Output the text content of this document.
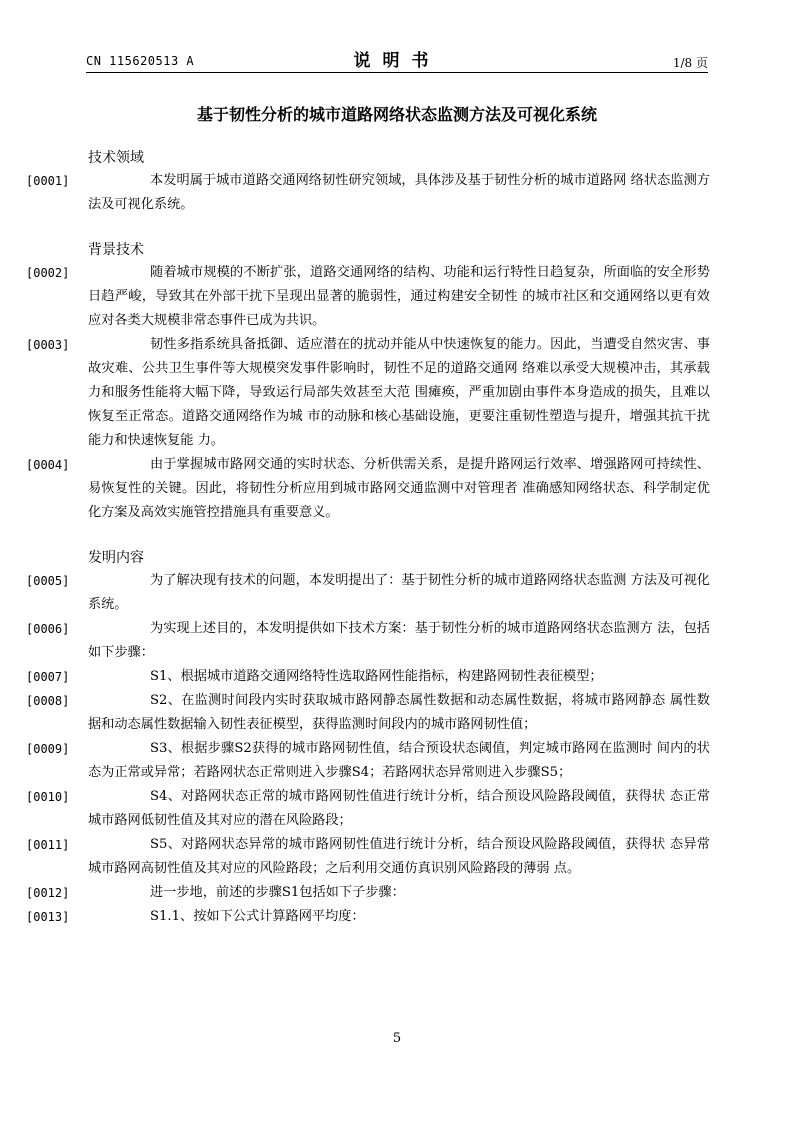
CN 115620513 A	说明书	1/8 页
基于韧性分析的城市道路网络状态监测方法及可视化系统
技术领域
[0001]	本发明属于城市道路交通网络韧性研究领域，具体涉及基于韧性分析的城市道路网 络状态监测方法及可视化系统。
背景技术
[0002]	随着城市规模的不断扩张，道路交通网络的结构、功能和运行特性日趋复杂，所面临的安全形势日趋严峻，导致其在外部干扰下呈现出显著的脆弱性，通过构建安全韧性 的城市社区和交通网络以更有效应对各类大规模非常态事件已成为共识。
[0003]	韧性多指系统具备抵御、适应潜在的扰动并能从中快速恢复的能力。因此，当遭受自然灾害、事故灾难、公共卫生事件等大规模突发事件影响时，韧性不足的道路交通网 络难以承受大规模冲击，其承载力和服务性能将大幅下降，导致运行局部失效甚至大范 围瘫痪，严重加剧由事件本身造成的损失，且难以恢复至正常态。道路交通网络作为城 市的动脉和核心基础设施，更要注重韧性塑造与提升，增强其抗干扰能力和快速恢复能 力。
[0004]	由于掌握城市路网交通的实时状态、分析供需关系，是提升路网运行效率、增强路网可持续性、易恢复性的关键。因此，将韧性分析应用到城市路网交通监测中对管理者 准确感知网络状态、科学制定优化方案及高效实施管控措施具有重要意义。
发明内容
[0005]	为了解决现有技术的问题，本发明提出了：基于韧性分析的城市道路网络状态监测 方法及可视化系统。
[0006]	为实现上述目的，本发明提供如下技术方案：基于韧性分析的城市道路网络状态监测方 法，包括如下步骤：
[0007]	S1、根据城市道路交通网络特性选取路网性能指标，构建路网韧性表征模型；
[0008]	S2、在监测时间段内实时获取城市路网静态属性数据和动态属性数据，将城市路网静态 属性数据和动态属性数据输入韧性表征模型，获得监测时间段内的城市路网韧性值；
[0009]	S3、根据步骤S2获得的城市路网韧性值，结合预设状态阈值，判定城市路网在监测时 间内的状态为正常或异常；若路网状态正常则进入步骤S4；若路网状态异常则进入步骤S5；
[0010]	S4、对路网状态正常的城市路网韧性值进行统计分析，结合预设风险路段阈值，获得状 态正常城市路网低韧性值及其对应的潜在风险路段；
[0011]	S5、对路网状态异常的城市路网韧性值进行统计分析，结合预设风险路段阈值，获得状 态异常城市路网高韧性值及其对应的风险路段；之后利用交通仿真识别风险路段的薄弱 点。
[0012]	进一步地，前述的步骤S1包括如下子步骤：
[0013]	S1.1、按如下公式计算路网平均度：
5
